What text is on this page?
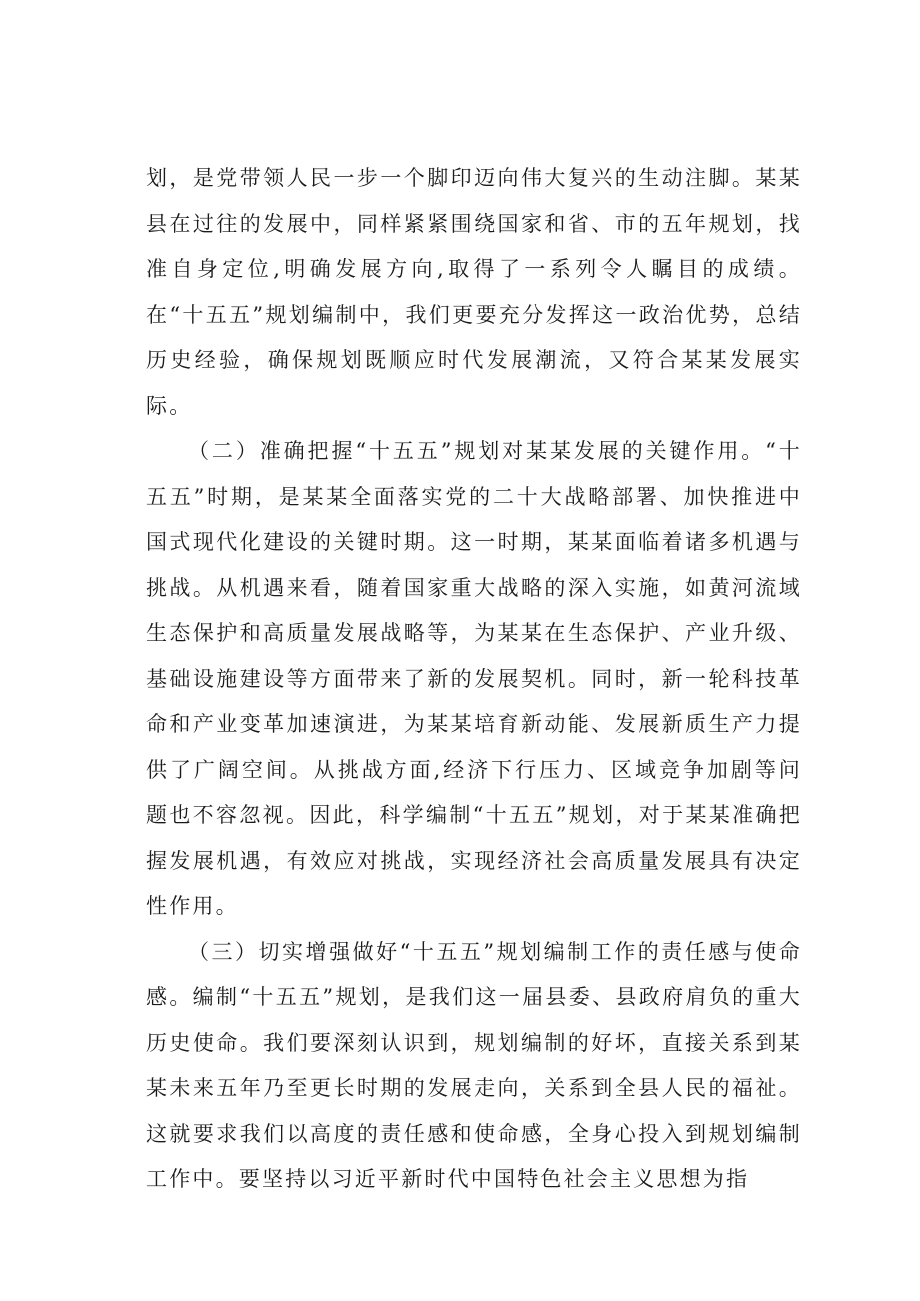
划，是党带领人民一步一个脚印迈向伟大复兴的生动注脚。某某县在过往的发展中，同样紧紧围绕国家和省、市的五年规划，找准自身定位,明确发展方向,取得了一系列令人瞩目的成绩。在“十五五”规划编制中，我们更要充分发挥这一政治优势，总结历史经验，确保规划既顺应时代发展潮流，又符合某某发展实际。

（二）准确把握“十五五”规划对某某发展的关键作用。“十五五”时期，是某某全面落实党的二十大战略部署、加快推进中国式现代化建设的关键时期。这一时期，某某面临着诸多机遇与挑战。从机遇来看，随着国家重大战略的深入实施，如黄河流域生态保护和高质量发展战略等，为某某在生态保护、产业升级、基础设施建设等方面带来了新的发展契机。同时，新一轮科技革命和产业变革加速演进，为某某培育新动能、发展新质生产力提供了广阔空间。从挑战方面,经济下行压力、区域竞争加剧等问题也不容忽视。因此，科学编制“十五五”规划，对于某某准确把握发展机遇，有效应对挑战，实现经济社会高质量发展具有决定性作用。

（三）切实增强做好“十五五”规划编制工作的责任感与使命感。编制“十五五”规划，是我们这一届县委、县政府肩负的重大历史使命。我们要深刻认识到，规划编制的好坏，直接关系到某某未来五年乃至更长时期的发展走向，关系到全县人民的福祉。这就要求我们以高度的责任感和使命感，全身心投入到规划编制工作中。要坚持以习近平新时代中国特色社会主义思想为指
